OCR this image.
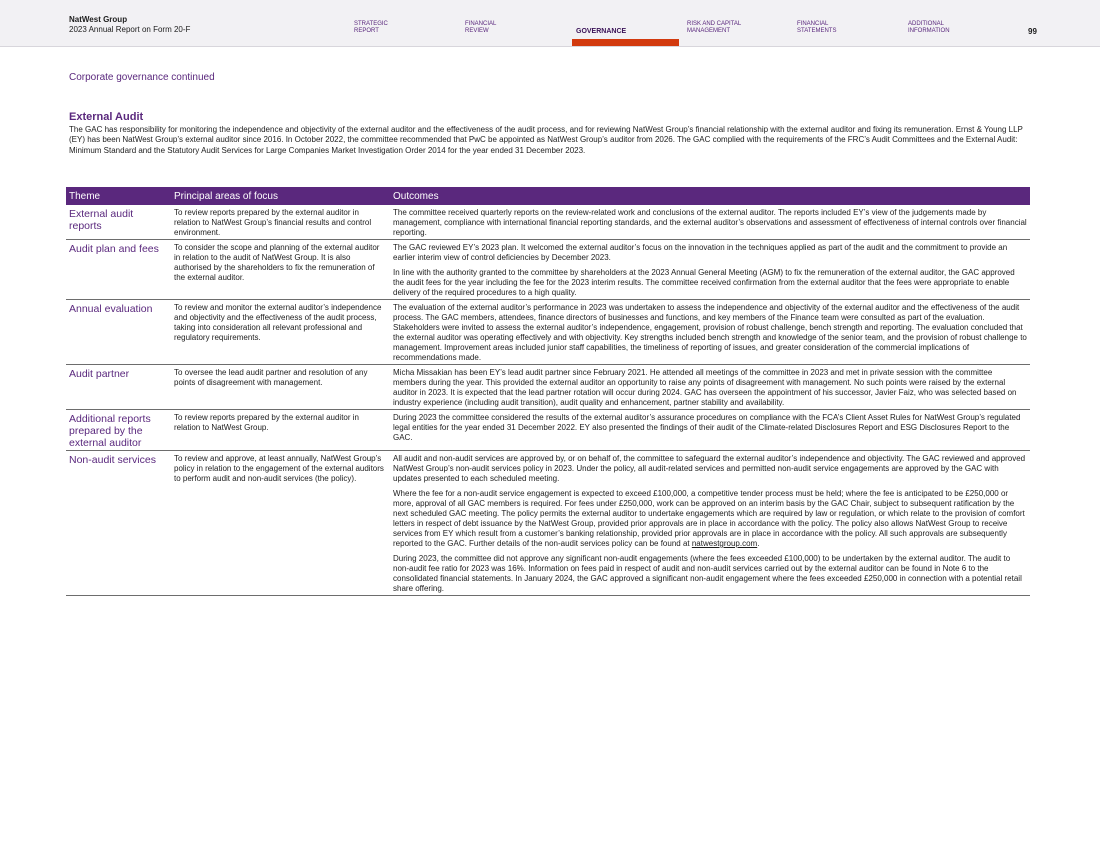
NatWest Group
2023 Annual Report on Form 20-F
STRATEGIC
REPORT
FINANCIAL
REVIEW	GOVERNANCE
RISK AND CAPITAL
MANAGEMENT
FINANCIAL
STATEMENTS
ADDITIONAL
INFORMATION	99
Corporate governance continued
External Audit
The GAC has responsibility for monitoring the independence and objectivity of the external auditor and the effectiveness of the audit process, and for reviewing NatWest Group’s financial relationship with the external auditor and fixing its remuneration. Ernst & Young LLP (EY) has been NatWest Group’s external auditor since 2016. In October 2022, the committee recommended that PwC be appointed as NatWest Group’s auditor from 2026. The GAC complied with the requirements of the FRC’s Audit Committees and the External Audit: Minimum Standard and the Statutory Audit Services for Large Companies Market Investigation Order 2014 for the year ended 31 December 2023.
Theme	Principal areas of focus	Outcomes
External audit reports	To review reports prepared by the external auditor in relation to NatWest Group’s financial results and control environment.	The committee received quarterly reports on the review-related work and conclusions of the external auditor. The reports included EY’s view of the judgements made by management, compliance with international financial reporting standards, and the external auditor’s observations and assessment of effectiveness of internal controls over financial reporting.

Audit plan and fees	To consider the scope and planning of the external auditor in relation to the audit of NatWest Group. It is also authorised by the shareholders to fix the remuneration of the external auditor.	The GAC reviewed EY’s 2023 plan. It welcomed the external auditor’s focus on the innovation in the techniques applied as part of the audit and the commitment to provide an earlier interim view of control deficiencies by December 2023.

In line with the authority granted to the committee by shareholders at the 2023 Annual General Meeting (AGM) to fix the remuneration of the external auditor, the GAC approved the audit fees for the year including the fee for the 2023 interim results. The committee received confirmation from the external auditor that the fees were appropriate to enable delivery of the required procedures to a high quality.

Annual evaluation	To review and monitor the external auditor’s independence and objectivity and the effectiveness of the audit process, taking into consideration all relevant professional and regulatory requirements.	The evaluation of the external auditor’s performance in 2023 was undertaken to assess the independence and objectivity of the external auditor and the effectiveness of the audit process. The GAC members, attendees, finance directors of businesses and functions, and key members of the Finance team were consulted as part of the evaluation.

Stakeholders were invited to assess the external auditor’s independence, engagement, provision of robust challenge, bench strength and reporting. The evaluation concluded that the external auditor was operating effectively and with objectivity. Key strengths included bench strength and knowledge of the senior team, and the provision of robust challenge to management. Improvement areas included junior staff capabilities, the timeliness of reporting of issues, and greater consideration of the commercial implications of recommendations made.

Audit partner	To oversee the lead audit partner and resolution of any points of disagreement with management.	Micha Missakian has been EY’s lead audit partner since February 2021. He attended all meetings of the committee in 2023 and met in private session with the committee members during the year. This provided the external auditor an opportunity to raise any points of disagreement with management. No such points were raised by the external auditor in 2023. It is expected that the lead partner rotation will occur during 2024. GAC has overseen the appointment of his successor, Javier Faiz, who was selected based on industry experience (including audit transition), audit quality and enhancement, partner stability and availability.

Additional reports prepared by the external auditor	To review reports prepared by the external auditor in relation to NatWest Group.	During 2023 the committee considered the results of the external auditor’s assurance procedures on compliance with the FCA’s Client Asset Rules for NatWest Group’s regulated legal entities for the year ended 31 December 2022. EY also presented the findings of their audit of the Climate-related Disclosures Report and ESG Disclosures Report to the GAC.

Non-audit services	To review and approve, at least annually, NatWest Group’s policy in relation to the engagement of the external auditors to perform audit and non-audit services (the policy).	All audit and non-audit services are approved by, or on behalf of, the committee to safeguard the external auditor’s independence and objectivity. The GAC reviewed and approved NatWest Group’s non-audit services policy in 2023. Under the policy, all audit-related services and permitted non-audit service engagements are approved by the GAC with updates presented to each scheduled meeting.

Where the fee for a non-audit service engagement is expected to exceed £100,000, a competitive tender process must be held; where the fee is anticipated to be £250,000 or more, approval of all GAC members is required. For fees under £250,000, work can be approved on an interim basis by the GAC Chair, subject to subsequent ratification by the next scheduled GAC meeting. The policy permits the external auditor to undertake engagements which are required by law or regulation, or which relate to the provision of comfort letters in respect of debt issuance by the NatWest Group, provided prior approvals are in place in accordance with the policy. The policy also allows NatWest Group to receive services from EY which result from a customer’s banking relationship, provided prior approvals are in place in accordance with the policy. All such approvals are subsequently reported to the GAC. Further details of the non-audit services policy can be found at natwestgroup.com.

During 2023, the committee did not approve any significant non-audit engagements (where the fees exceeded £100,000) to be undertaken by the external auditor. The audit to non-audit fee ratio for 2023 was 16%. Information on fees paid in respect of audit and non-audit services carried out by the external auditor can be found in Note 6 to the consolidated financial statements. In January 2024, the GAC approved a significant non-audit engagement where the fees exceeded £250,000 in connection with a potential retail share offering.
